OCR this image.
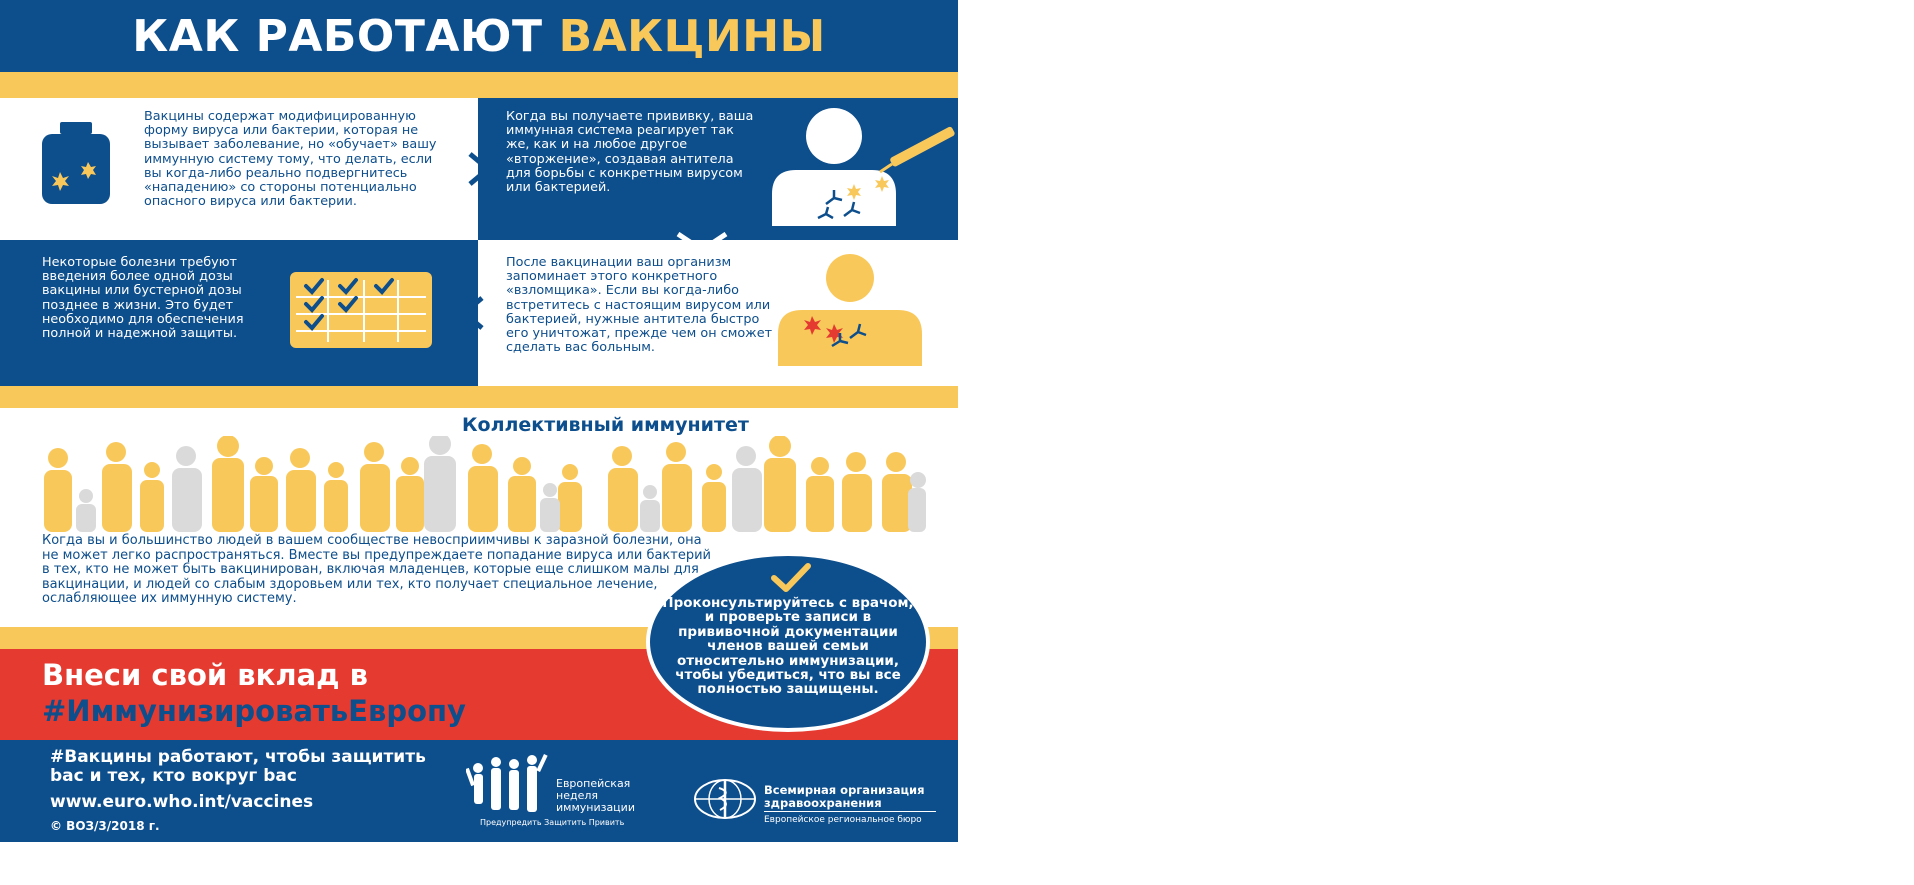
КАК РАБОТАЮТ ВАКЦИНЫ
Вакцины содержат модифицированную форму вируса или бактерии, которая не вызывает заболевание, но «обучает» вашу иммунную систему тому, что делать, если вы когда-либо реально подвергнитесь «нападению» со стороны потенциально опасного вируса или бактерии.
Когда вы получаете прививку, ваша иммунная система реагирует так же, как и на любое другое «вторжение», создавая антитела для борьбы с конкретным вирусом или бактерией.
Некоторые болезни требуют введения более одной дозы вакцины или бустерной дозы позднее в жизни. Это будет необходимо для обеспечения полной и надежной защиты.
После вакцинации ваш организм запоминает этого конкретного «взломщика». Если вы когда-либо встретитесь с настоящим вирусом или бактерией, нужные антитела быстро его уничтожат, прежде чем он сможет сделать вас больным.
Коллективный иммунитет
Когда вы и большинство людей в вашем сообществе невосприимчивы к заразной болезни, она не может легко распространяться. Вместе вы предупреждаете попадание вируса или бактерий в тех, кто не может быть вакцинирован, включая младенцев, которые еще слишком малы для вакцинации, и людей со слабым здоровьем или тех, кто получает специальное лечение, ослабляющее их иммунную систему.
Внеси свой вклад в
#ИммунизироватьЕвропу
Проконсультируйтесь с врачом, и проверьте записи в прививочной документации членов вашей семьи относительно иммунизации, чтобы убедиться, что вы все полностью защищены.
#Вакцины работают, чтобы защитить bac и тех, кто вокруг bac
www.euro.who.int/vaccines
© ВОЗ/3/2018 г.
Европейская неделя иммунизации
Предупредить Защитить Привить
Всемирная организация здравоохранения
Европейское региональное бюро
